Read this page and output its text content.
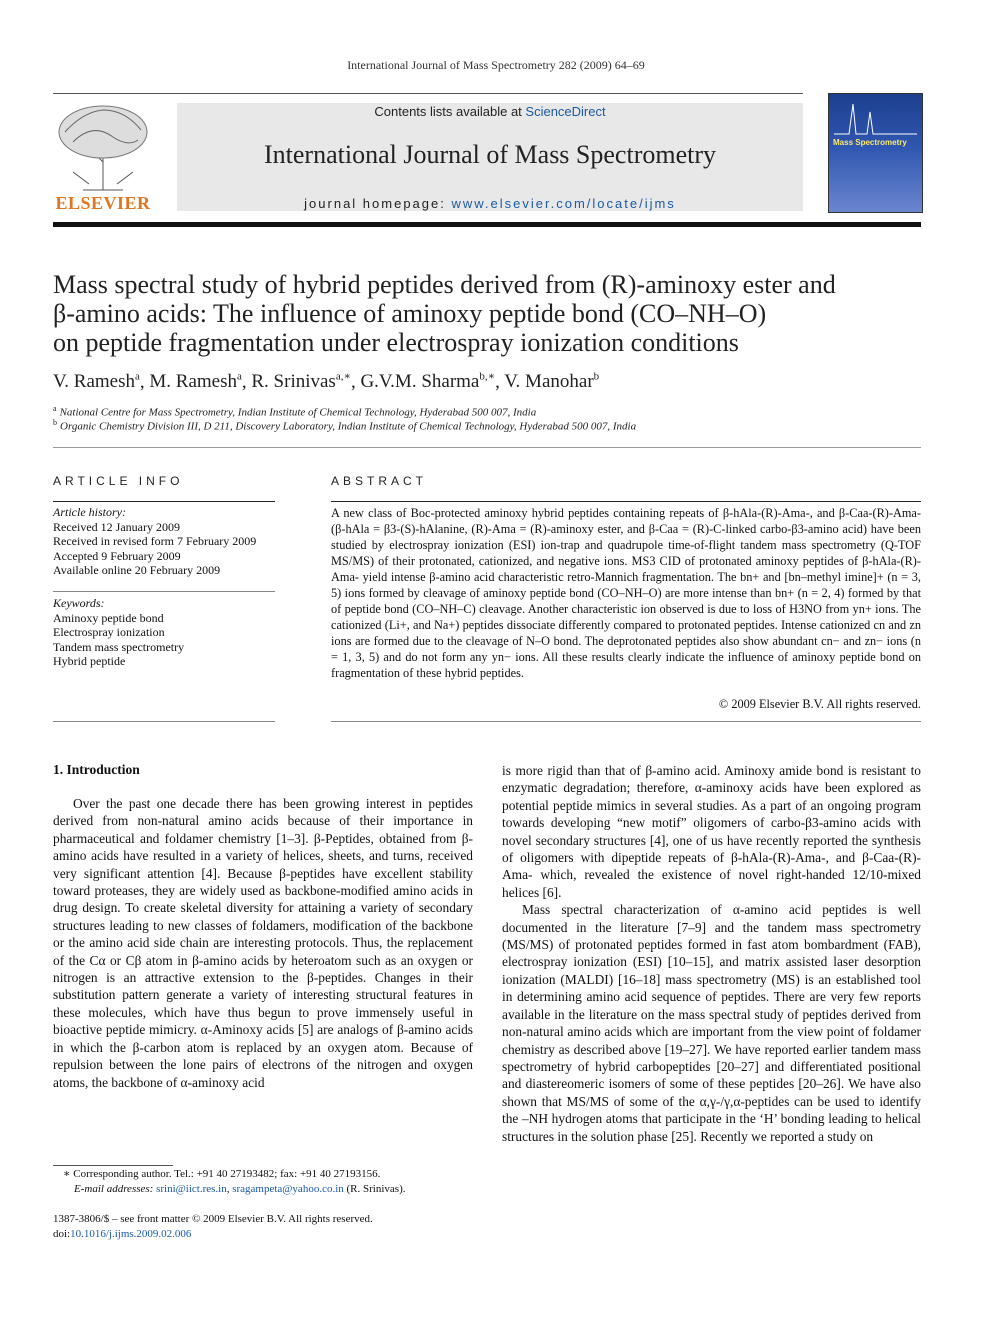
International Journal of Mass Spectrometry 282 (2009) 64–69
ELSEVIER
Contents lists available at ScienceDirect
International Journal of Mass Spectrometry
journal homepage: www.elsevier.com/locate/ijms
Mass Spectrometry
Mass spectral study of hybrid peptides derived from (R)-aminoxy ester and
β-amino acids: The influence of aminoxy peptide bond (CO–NH–O)
on peptide fragmentation under electrospray ionization conditions
V. Ramesh$^a$, M. Ramesh$^a$, R. Srinivas$^{a,∗}$, G.V.M. Sharma$^{b,∗}$, V. Manohar$^b$
$^a$ National Centre for Mass Spectrometry, Indian Institute of Chemical Technology, Hyderabad 500 007, India
$^b$ Organic Chemistry Division III, D 211, Discovery Laboratory, Indian Institute of Chemical Technology, Hyderabad 500 007, India
ARTICLE INFO
Article history:
Received 12 January 2009
Received in revised form 7 February 2009
Accepted 9 February 2009
Available online 20 February 2009
Keywords:
Aminoxy peptide bond
Electrospray ionization
Tandem mass spectrometry
Hybrid peptide
ABSTRACT
A new class of Boc-protected aminoxy hybrid peptides containing repeats of β-hAla-(R)-Ama-, and β-Caa-(R)-Ama- (β-hAla = β3-(S)-hAlanine, (R)-Ama = (R)-aminoxy ester, and β-Caa = (R)-C-linked carbo-β3-amino acid) have been studied by electrospray ionization (ESI) ion-trap and quadrupole time-of-flight tandem mass spectrometry (Q-TOF MS/MS) of their protonated, cationized, and negative ions. MS3 CID of protonated aminoxy peptides of β-hAla-(R)-Ama- yield intense β-amino acid characteristic retro-Mannich fragmentation. The bn+ and [bn–methyl imine]+ (n = 3, 5) ions formed by cleavage of aminoxy peptide bond (CO–NH–O) are more intense than bn+ (n = 2, 4) formed by that of peptide bond (CO–NH–C) cleavage. Another characteristic ion observed is due to loss of H3NO from yn+ ions. The cationized (Li+, and Na+) peptides dissociate differently compared to protonated peptides. Intense cationized cn and zn ions are formed due to the cleavage of N–O bond. The deprotonated peptides also show abundant cn− and zn− ions (n = 1, 3, 5) and do not form any yn− ions. All these results clearly indicate the influence of aminoxy peptide bond on fragmentation of these hybrid peptides.
© 2009 Elsevier B.V. All rights reserved.
1. Introduction

Over the past one decade there has been growing interest in peptides derived from non-natural amino acids because of their importance in pharmaceutical and foldamer chemistry [1–3]. β-Peptides, obtained from β-amino acids have resulted in a variety of helices, sheets, and turns, received very significant attention [4]. Because β-peptides have excellent stability toward proteases, they are widely used as backbone-modified amino acids in drug design. To create skeletal diversity for attaining a variety of secondary structures leading to new classes of foldamers, modification of the backbone or the amino acid side chain are interesting protocols. Thus, the replacement of the Cα or Cβ atom in β-amino acids by heteroatom such as an oxygen or nitrogen is an attractive extension to the β-peptides. Changes in their substitution pattern generate a variety of interesting structural features in these molecules, which have thus begun to prove immensely useful in bioactive peptide mimicry. α-Aminoxy acids [5] are analogs of β-amino acids in which the β-carbon atom is replaced by an oxygen atom. Because of repulsion between the lone pairs of electrons of the nitrogen and oxygen atoms, the backbone of α-aminoxy acid

is more rigid than that of β-amino acid. Aminoxy amide bond is resistant to enzymatic degradation; therefore, α-aminoxy acids have been explored as potential peptide mimics in several studies. As a part of an ongoing program towards developing “new motif” oligomers of carbo-β3-amino acids with novel secondary structures [4], one of us have recently reported the synthesis of oligomers with dipeptide repeats of β-hAla-(R)-Ama-, and β-Caa-(R)-Ama- which, revealed the existence of novel right-handed 12/10-mixed helices [6].

Mass spectral characterization of α-amino acid peptides is well documented in the literature [7–9] and the tandem mass spectrometry (MS/MS) of protonated peptides formed in fast atom bombardment (FAB), electrospray ionization (ESI) [10–15], and matrix assisted laser desorption ionization (MALDI) [16–18] mass spectrometry (MS) is an established tool in determining amino acid sequence of peptides. There are very few reports available in the literature on the mass spectral study of peptides derived from non-natural amino acids which are important from the view point of foldamer chemistry as described above [19–27]. We have reported earlier tandem mass spectrometry of hybrid carbopeptides [20–27] and differentiated positional and diastereomeric isomers of some of these peptides [20–26]. We have also shown that MS/MS of some of the α,γ-/γ,α-peptides can be used to identify the –NH hydrogen atoms that participate in the ‘H’ bonding leading to helical structures in the solution phase [25]. Recently we reported a study on

∗ Corresponding author. Tel.: +91 40 27193482; fax: +91 40 27193156.
E-mail addresses: srini@iict.res.in, sragampeta@yahoo.co.in (R. Srinivas).
1387-3806/$ – see front matter © 2009 Elsevier B.V. All rights reserved.
doi:10.1016/j.ijms.2009.02.006
